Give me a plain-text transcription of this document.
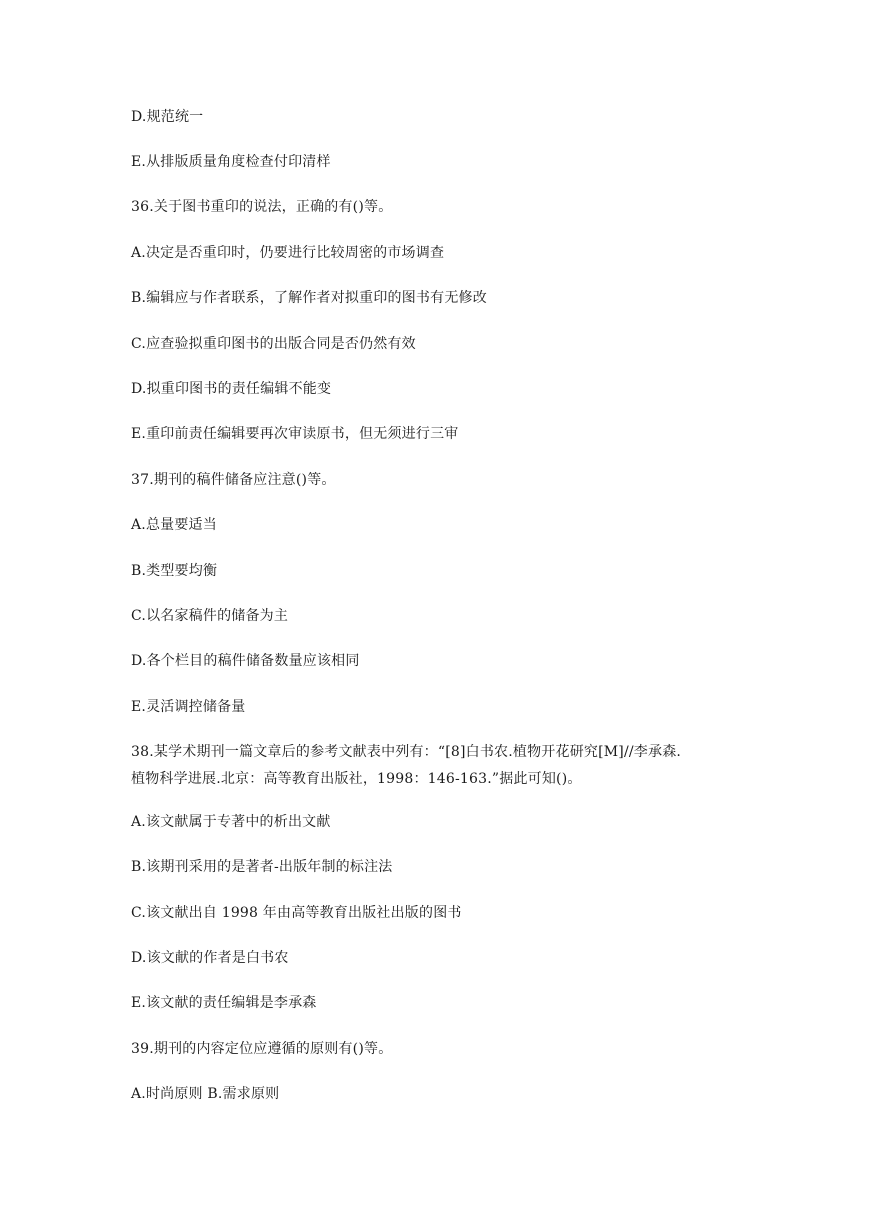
D.规范统一
E.从排版质量角度检查付印清样
36.关于图书重印的说法，正确的有()等。
A.决定是否重印时，仍要进行比较周密的市场调查
B.编辑应与作者联系，了解作者对拟重印的图书有无修改
C.应查验拟重印图书的出版合同是否仍然有效
D.拟重印图书的责任编辑不能变
E.重印前责任编辑要再次审读原书，但无须进行三审
37.期刊的稿件储备应注意()等。
A.总量要适当
B.类型要均衡
C.以名家稿件的储备为主
D.各个栏目的稿件储备数量应该相同
E.灵活调控储备量
38.某学术期刊一篇文章后的参考文献表中列有：“[8]白书农.植物开花研究[M]//李承森.
植物科学进展.北京：高等教育出版社，1998：146-163.”据此可知()。
A.该文献属于专著中的析出文献
B.该期刊采用的是著者-出版年制的标注法
C.该文献出自 1998 年由高等教育出版社出版的图书
D.该文献的作者是白书农
E.该文献的责任编辑是李承森
39.期刊的内容定位应遵循的原则有()等。
A.时尚原则 B.需求原则
